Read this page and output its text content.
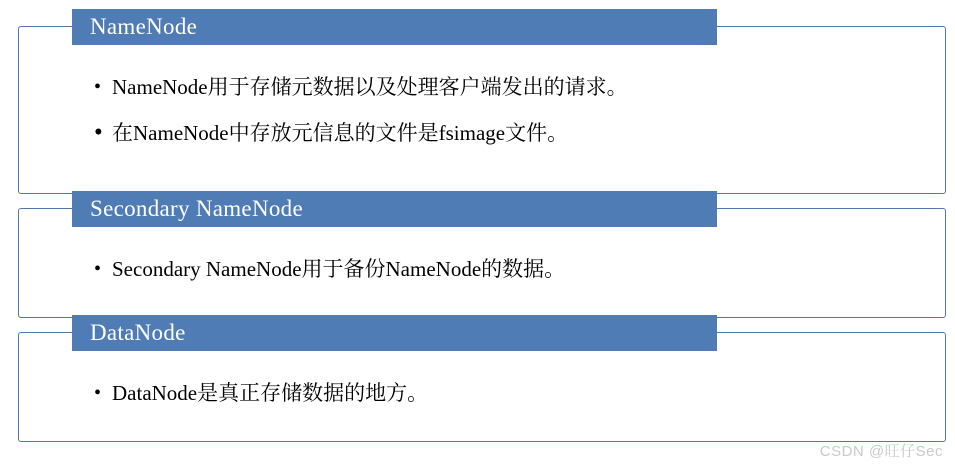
NameNode
• NameNode用于存储元数据以及处理客户端发出的请求。
• 在NameNode中存放元信息的文件是fsimage文件。
Secondary NameNode
• Secondary NameNode用于备份NameNode的数据。
DataNode
• DataNode是真正存储数据的地方。
CSDN @旺仔Sec
